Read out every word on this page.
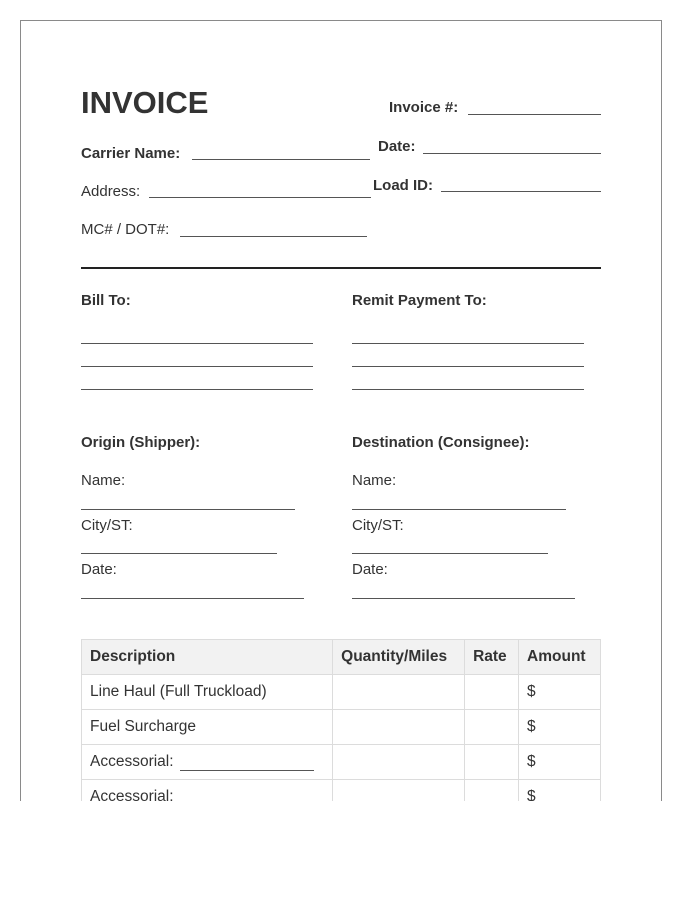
INVOICE	Invoice #:
Carrier Name:	Date:
Address:	Load ID:
MC# / DOT#:
Bill To:	Remit Payment To:
Origin (Shipper):
Name:
City/ST:
Date:
Destination (Consignee):
Name:
City/ST:
Date:
Description	Quantity/Miles	Rate	Amount
Line Haul (Full Truckload)			$
Fuel Surcharge			$
Accessorial:			$
Accessorial:			$
